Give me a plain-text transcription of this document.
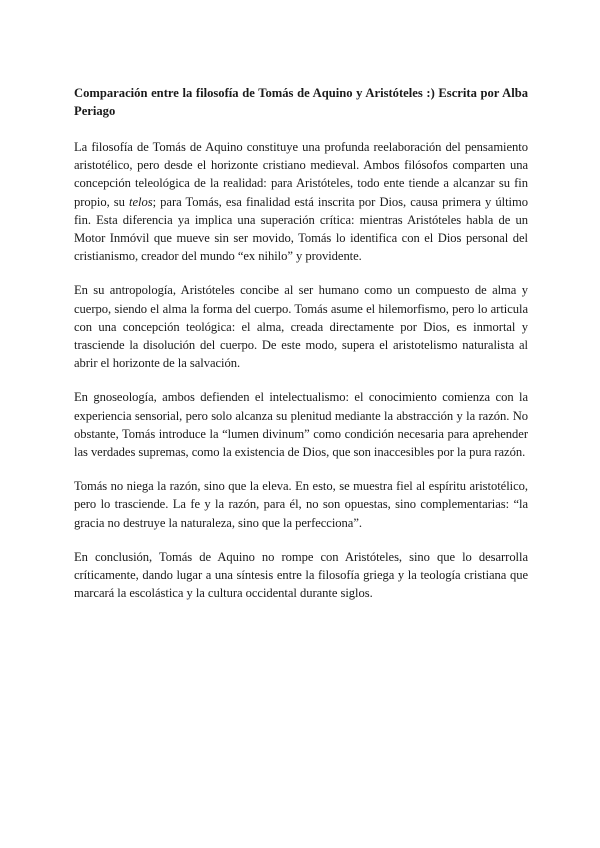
Comparación entre la filosofía de Tomás de Aquino y Aristóteles :) Escrita por Alba Periago

La filosofía de Tomás de Aquino constituye una profunda reelaboración del pensamiento aristotélico, pero desde el horizonte cristiano medieval. Ambos filósofos comparten una concepción teleológica de la realidad: para Aristóteles, todo ente tiende a alcanzar su fin propio, su telos; para Tomás, esa finalidad está inscrita por Dios, causa primera y último fin. Esta diferencia ya implica una superación crítica: mientras Aristóteles habla de un Motor Inmóvil que mueve sin ser movido, Tomás lo identifica con el Dios personal del cristianismo, creador del mundo “ex nihilo” y providente.

En su antropología, Aristóteles concibe al ser humano como un compuesto de alma y cuerpo, siendo el alma la forma del cuerpo. Tomás asume el hilemorfismo, pero lo articula con una concepción teológica: el alma, creada directamente por Dios, es inmortal y trasciende la disolución del cuerpo. De este modo, supera el aristotelismo naturalista al abrir el horizonte de la salvación.

En gnoseología, ambos defienden el intelectualismo: el conocimiento comienza con la experiencia sensorial, pero solo alcanza su plenitud mediante la abstracción y la razón. No obstante, Tomás introduce la “lumen divinum” como condición necesaria para aprehender las verdades supremas, como la existencia de Dios, que son inaccesibles por la pura razón.

Tomás no niega la razón, sino que la eleva. En esto, se muestra fiel al espíritu aristotélico, pero lo trasciende. La fe y la razón, para él, no son opuestas, sino complementarias: “la gracia no destruye la naturaleza, sino que la perfecciona”.

En conclusión, Tomás de Aquino no rompe con Aristóteles, sino que lo desarrolla críticamente, dando lugar a una síntesis entre la filosofía griega y la teología cristiana que marcará la escolástica y la cultura occidental durante siglos.
